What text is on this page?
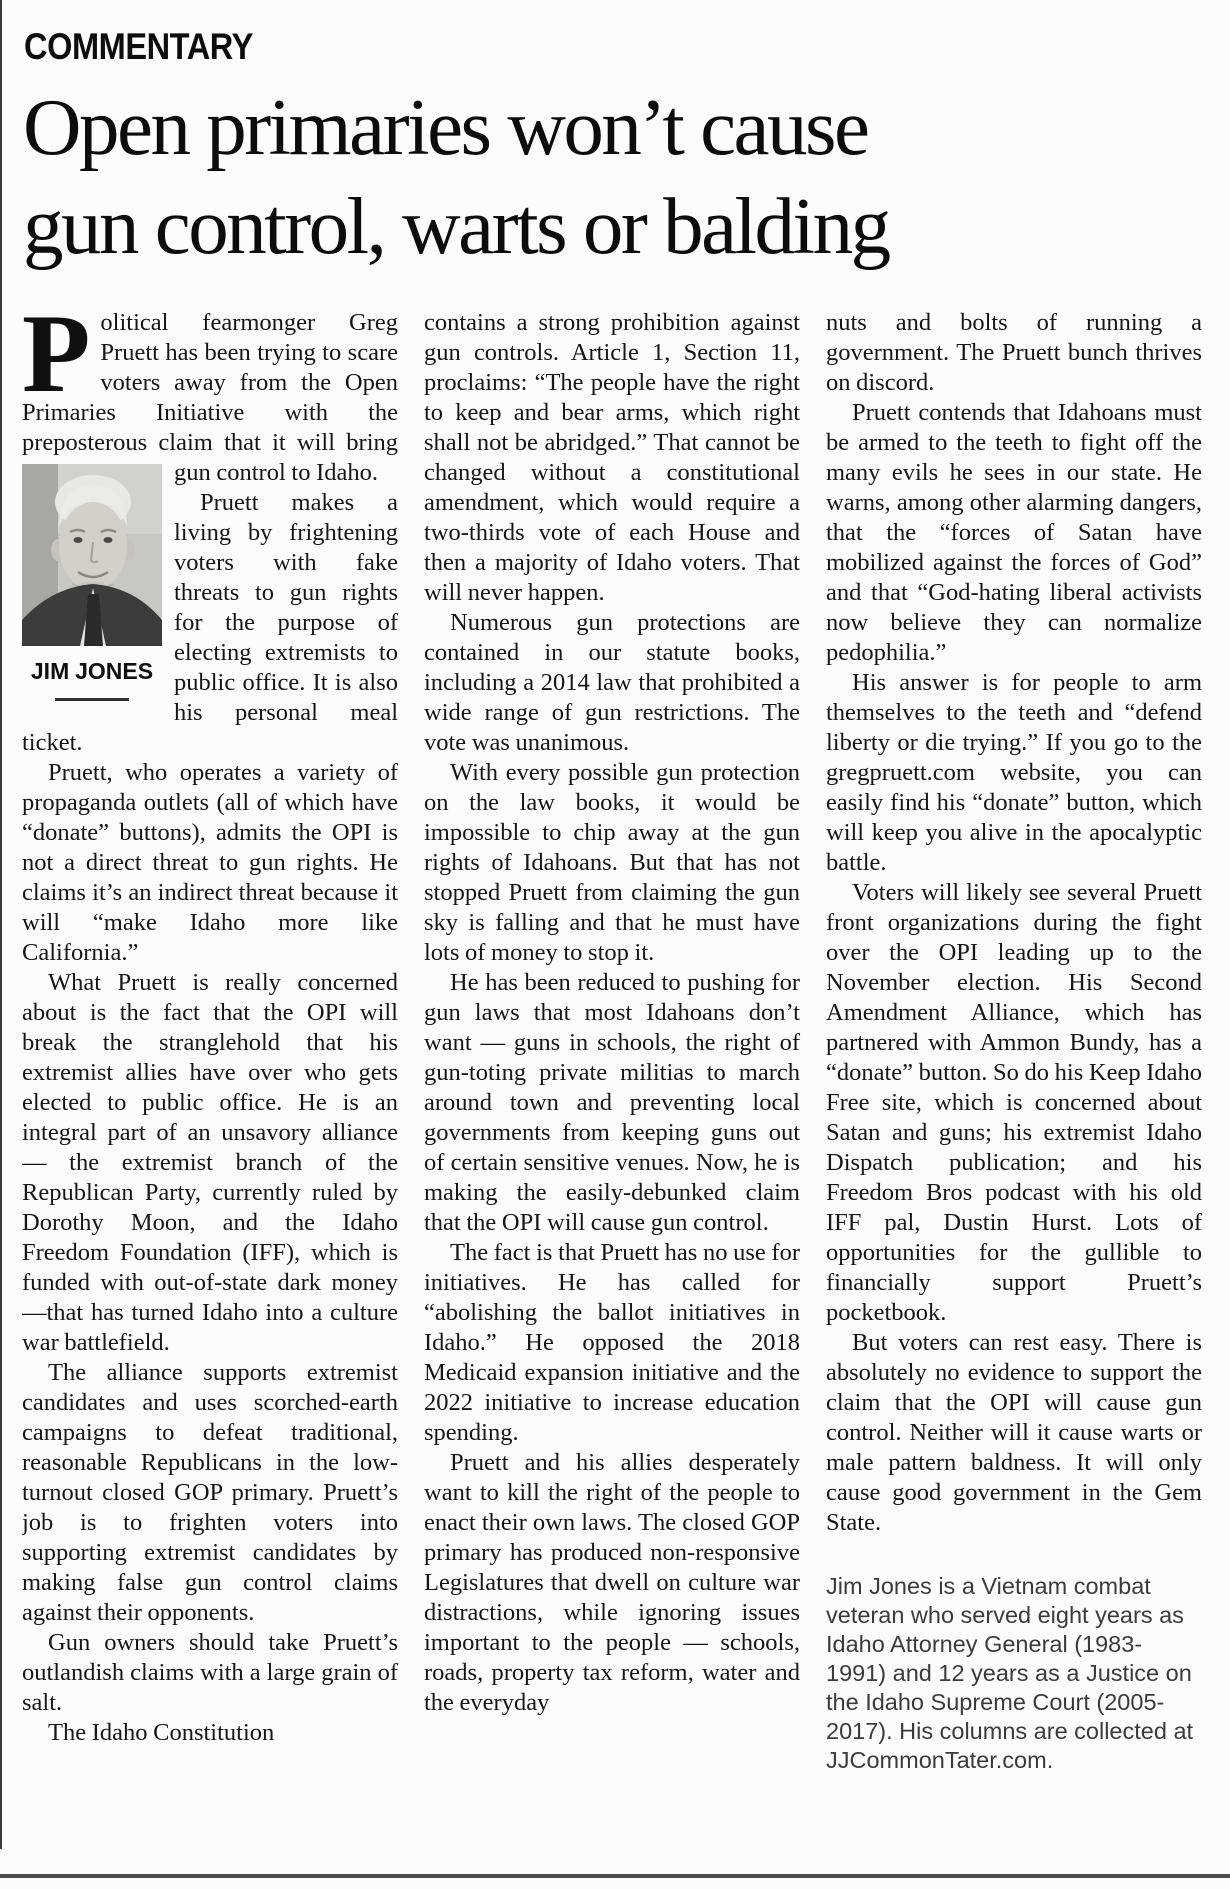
COMMENTARY
Open primaries won’t cause
gun control, warts or balding

Political fearmonger Greg Pruett has been trying to scare voters away from the Open Primaries Initiative with the preposterous claim that it will
JIM JONES
bring gun control to Idaho.

Pruett makes a living by frightening voters with fake threats to gun rights for the purpose of electing extremists to public office. It is also his personal meal ticket.

Pruett, who operates a variety of propaganda outlets (all of which have “donate” buttons), admits the OPI is not a direct threat to gun rights. He claims it’s an indirect threat because it will “make Idaho more like California.”

What Pruett is really concerned about is the fact that the OPI will break the stranglehold that his extremist allies have over who gets elected to public office. He is an integral part of an unsavory alliance — the extremist branch of the Republican Party, currently ruled by Dorothy Moon, and the Idaho Freedom Foundation (IFF), which is funded with out-of-state dark money —that has turned Idaho into a culture war battlefield.

The alliance supports extremist candidates and uses scorched-earth campaigns to defeat traditional, reasonable Republicans in the low-turnout closed GOP primary. Pruett’s job is to frighten voters into supporting extremist candidates by making false gun control claims against their opponents.

Gun owners should take Pruett’s outlandish claims with a large grain of salt.

The Idaho Constitution

contains a strong prohibition against gun controls. Article 1, Section 11, proclaims: “The people have the right to keep and bear arms, which right shall not be abridged.” That cannot be changed without a constitutional amendment, which would require a two-thirds vote of each House and then a majority of Idaho voters. That will never happen.

Numerous gun protections are contained in our statute books, including a 2014 law that prohibited a wide range of gun restrictions. The vote was unanimous.

With every possible gun protection on the law books, it would be impossible to chip away at the gun rights of Idahoans. But that has not stopped Pruett from claiming the gun sky is falling and that he must have lots of money to stop it.

He has been reduced to pushing for gun laws that most Idahoans don’t want — guns in schools, the right of gun-toting private militias to march around town and preventing local governments from keeping guns out of certain sensitive venues. Now, he is making the easily-debunked claim that the OPI will cause gun control.

The fact is that Pruett has no use for initiatives. He has called for “abolishing the ballot initiatives in Idaho.” He opposed the 2018 Medicaid expansion initiative and the 2022 initiative to increase education spending.

Pruett and his allies desperately want to kill the right of the people to enact their own laws. The closed GOP primary has produced non-responsive Legislatures that dwell on culture war distractions, while ignoring issues important to the people — schools, roads, property tax reform, water and the everyday

nuts and bolts of running a government. The Pruett bunch thrives on discord.

Pruett contends that Idahoans must be armed to the teeth to fight off the many evils he sees in our state. He warns, among other alarming dangers, that the “forces of Satan have mobilized against the forces of God” and that “God-hating liberal activists now believe they can normalize pedophilia.”

His answer is for people to arm themselves to the teeth and “defend liberty or die trying.” If you go to the gregpruett.com website, you can easily find his “donate” button, which will keep you alive in the apocalyptic battle.

Voters will likely see several Pruett front organizations during the fight over the OPI leading up to the November election. His Second Amendment Alliance, which has partnered with Ammon Bundy, has a “donate” button. So do his Keep Idaho Free site, which is concerned about Satan and guns; his extremist Idaho Dispatch publication; and his Freedom Bros podcast with his old IFF pal, Dustin Hurst. Lots of opportunities for the gullible to financially support Pruett’s pocketbook.

But voters can rest easy. There is absolutely no evidence to support the claim that the OPI will cause gun control. Neither will it cause warts or male pattern baldness. It will only cause good government in the Gem State.

Jim Jones is a Vietnam combat veteran who served eight years as Idaho Attorney General (1983-1991) and 12 years as a Justice on the Idaho Supreme Court (2005-2017). His columns are collected at JJCommonTater.com.
